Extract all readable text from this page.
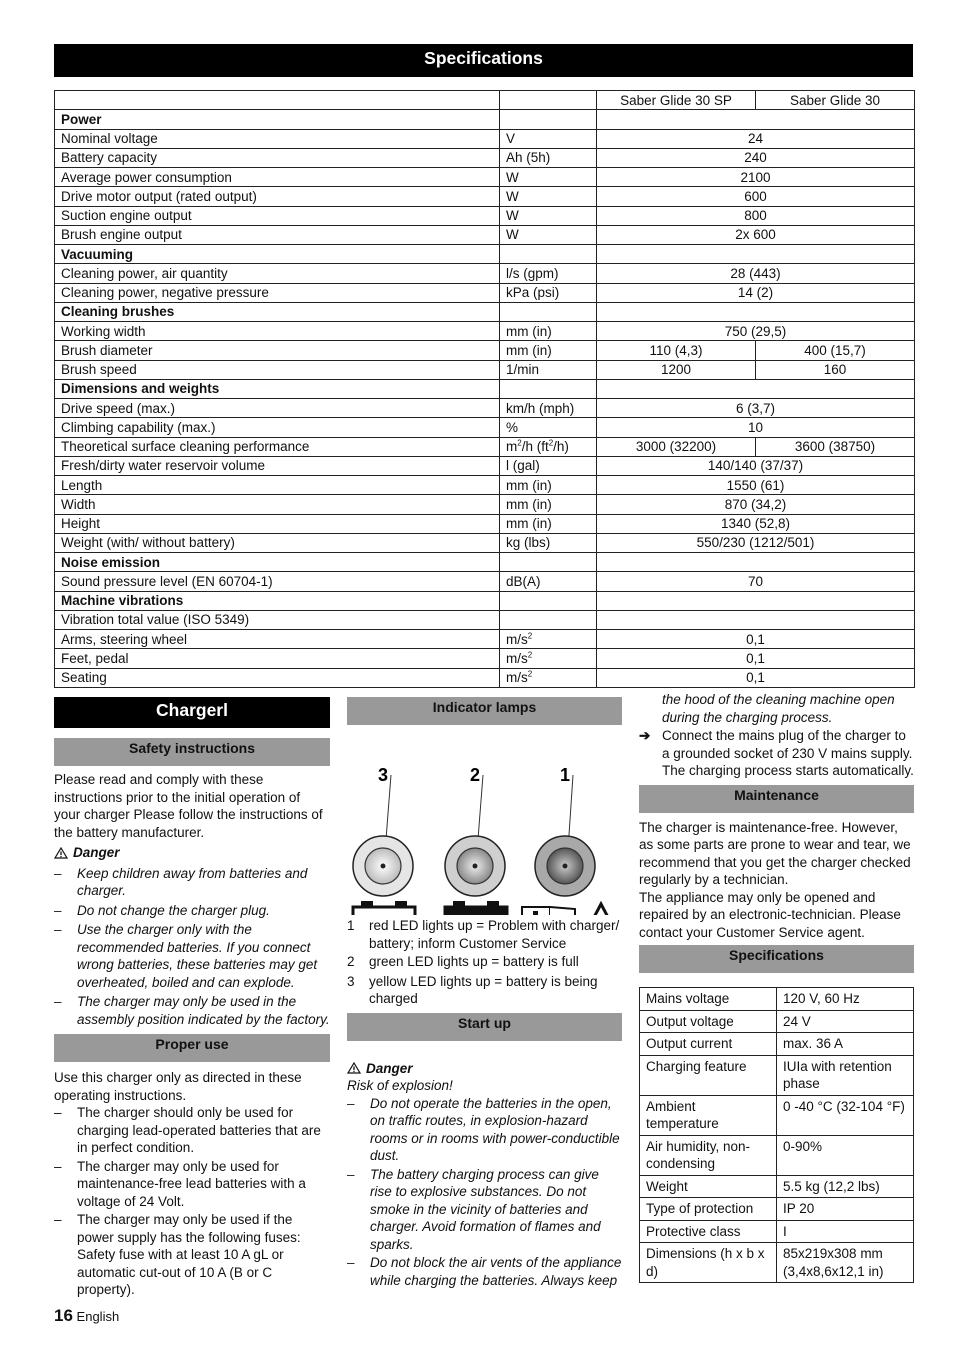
Specifications
		Saber Glide 30 SP	Saber Glide 30
Power			
Nominal voltage	V	24	
Battery capacity	Ah (5h)	240	
Average power consumption	W	2100	
Drive motor output (rated output)	W	600	
Suction engine output	W	800	
Brush engine output	W	2x 600	
Vacuuming			
Cleaning power, air quantity	l/s (gpm)	28 (443)	
Cleaning power, negative pressure	kPa (psi)	14 (2)	
Cleaning brushes			
Working width	mm (in)	750 (29,5)	
Brush diameter	mm (in)	110 (4,3)	400 (15,7)
Brush speed	1/min	1200	160
Dimensions and weights			
Drive speed (max.)	km/h (mph)	6 (3,7)	
Climbing capability (max.)	%	10	
Theoretical surface cleaning performance	$m^2/h$ $(ft^2/h)$	3000 (32200)	3600 (38750)
Fresh/dirty water reservoir volume	l (gal)	140/140 (37/37)	
Length	mm (in)	1550 (61)	
Width	mm (in)	870 (34,2)	
Height	mm (in)	1340 (52,8)	
Weight (with/ without battery)	kg (lbs)	550/230 (1212/501)	
Noise emission			
Sound pressure level (EN 60704-1)	dB(A)	70	
Machine vibrations			
Vibration total value (ISO 5349)			
Arms, steering wheel	$m/s^2$	0,1	
Feet, pedal	$m/s^2$	0,1	
Seating	$m/s^2$	0,1	
Chargerl
Safety instructions

Please read and comply with these instructions prior to the initial operation of your charger Please follow the instructions of the battery manufacturer.

Danger
–	Keep children away from batteries and charger.
–	Do not change the charger plug.
–	Use the charger only with the recommended batteries. If you connect wrong batteries, these batteries may get overheated, boiled and can explode.
–	The charger may only be used in the assembly position indicated by the factory.
Proper use

Use this charger only as directed in these operating instructions.

–	The charger should only be used for charging lead-operated batteries that are in perfect condition.
–	The charger may only be used for maintenance-free lead batteries with a voltage of 24 Volt.
–	The charger may only be used if the power supply has the following fuses: Safety fuse with at least 10 A gL or automatic cut-out of 10 A (B or C property).
Indicator lamps
3	2	1
1	red LED lights up = Problem with charger/ battery; inform Customer Service
2	green LED lights up = battery is full
3	yellow LED lights up = battery is being charged
Start up
Danger
Risk of explosion!
–	Do not operate the batteries in the open, on traffic routes, in explosion-hazard rooms or in rooms with power-conductible dust.
–	The battery charging process can give rise to explosive substances. Do not smoke in the vicinity of batteries and charger. Avoid formation of flames and sparks.
–	Do not block the air vents of the appliance while charging the batteries. Always keep
the hood of the cleaning machine open during the charging process.
➔ Connect the mains plug of the charger to a grounded socket of 230 V mains supply. The charging process starts automatically.
Maintenance

The charger is maintenance-free. However, as some parts are prone to wear and tear, we recommend that you get the charger checked regularly by a technician.

The appliance may only be opened and repaired by an electronic-technician. Please contact your Customer Service agent.

Specifications
Mains voltage	120 V, 60 Hz
Output voltage	24 V
Output current	max. 36 A
Charging feature	IUIa with retention phase
Ambient temperature	0 -40 °C (32-104 °F)
Air humidity, non-condensing	0-90%
Weight	5.5 kg (12,2 lbs)
Type of protection	IP 20
Protective class	I
Dimensions (h x b x d)	85x219x308 mm (3,4x8,6x12,1 in)
16 English
